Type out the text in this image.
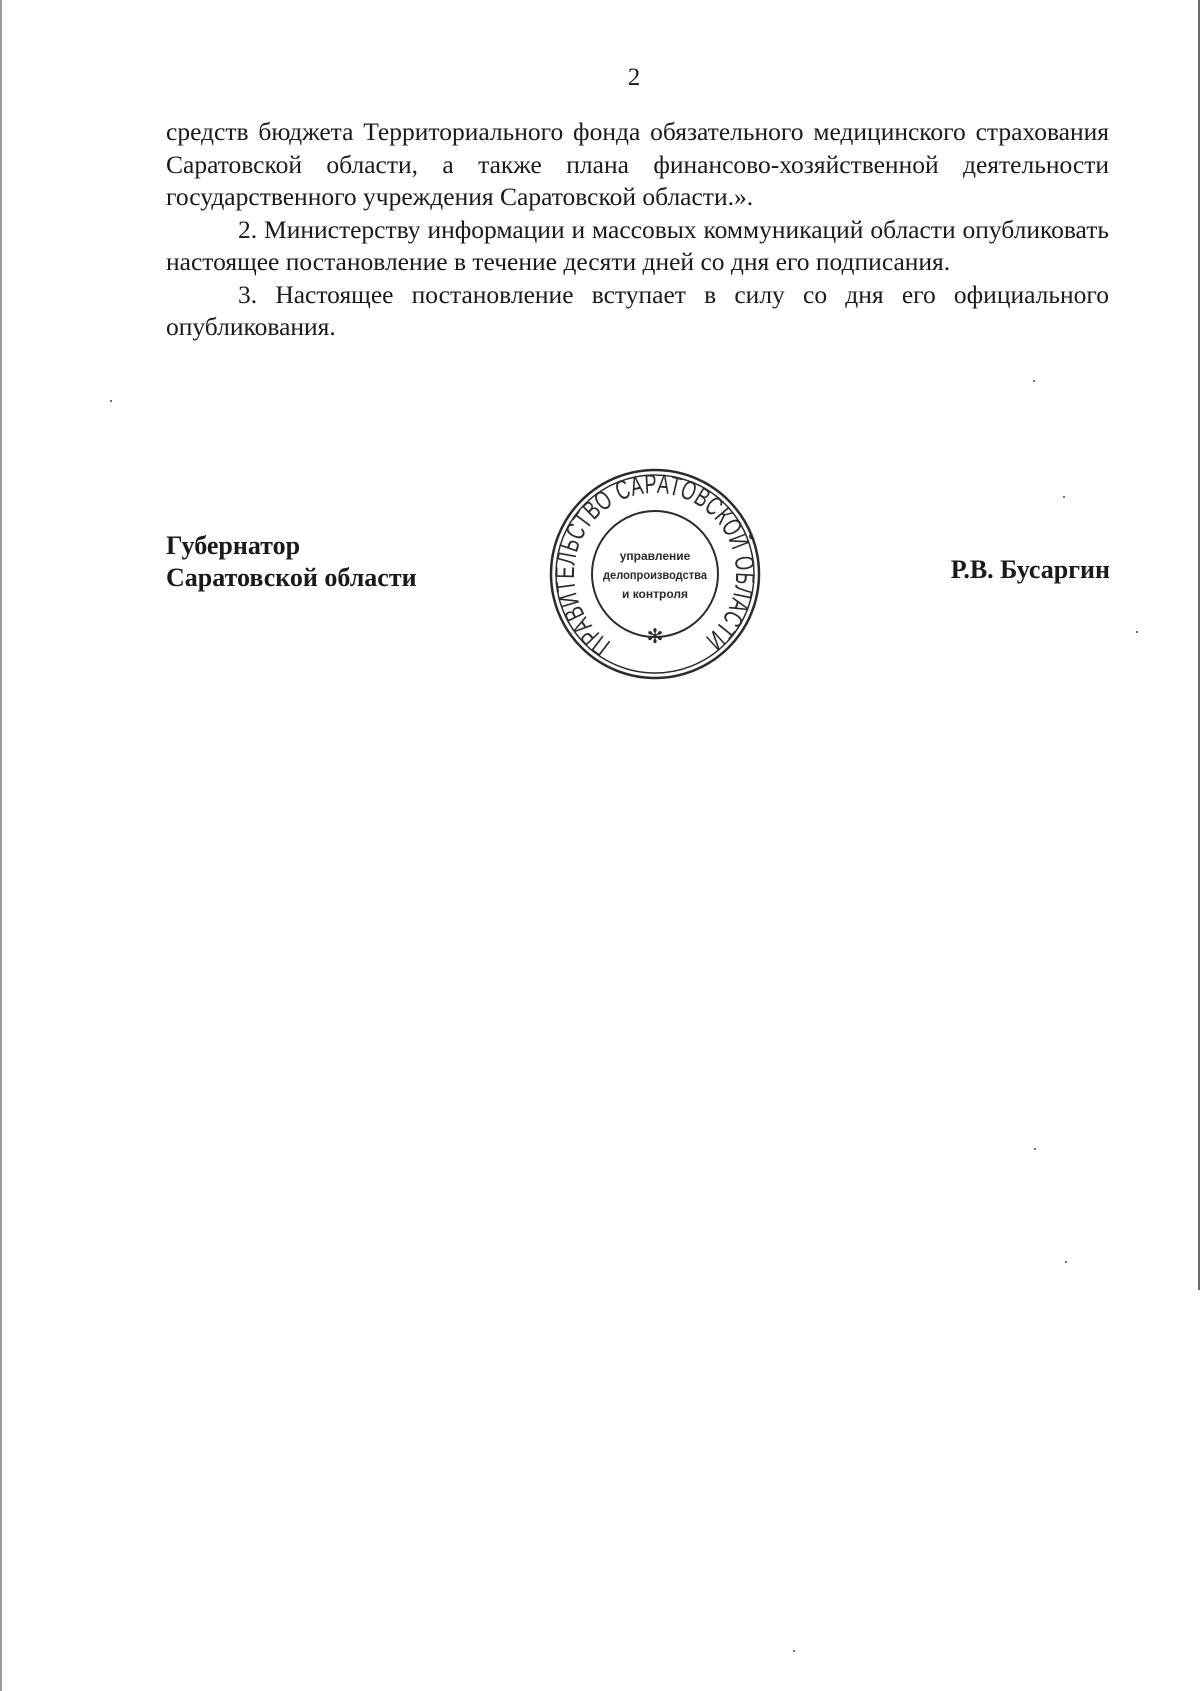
2

средств бюджета Территориального фонда обязательного медицинского страхования Саратовской области, а также плана финансово-хозяйственной деятельности государственного учреждения Саратовской области.».

2. Министерству информации и массовых коммуникаций области опубликовать настоящее постановление в течение десяти дней со дня его подписания.

3. Настоящее постановление вступает в силу со дня его официального опубликования.

Губернатор
Саратовской области
ПРАВИТЕЛЬСТВО САРАТОВСКОЙ ОБЛАСТИ
✻
управление
делопроизводства
и контроля
Р.В. Бусаргин
